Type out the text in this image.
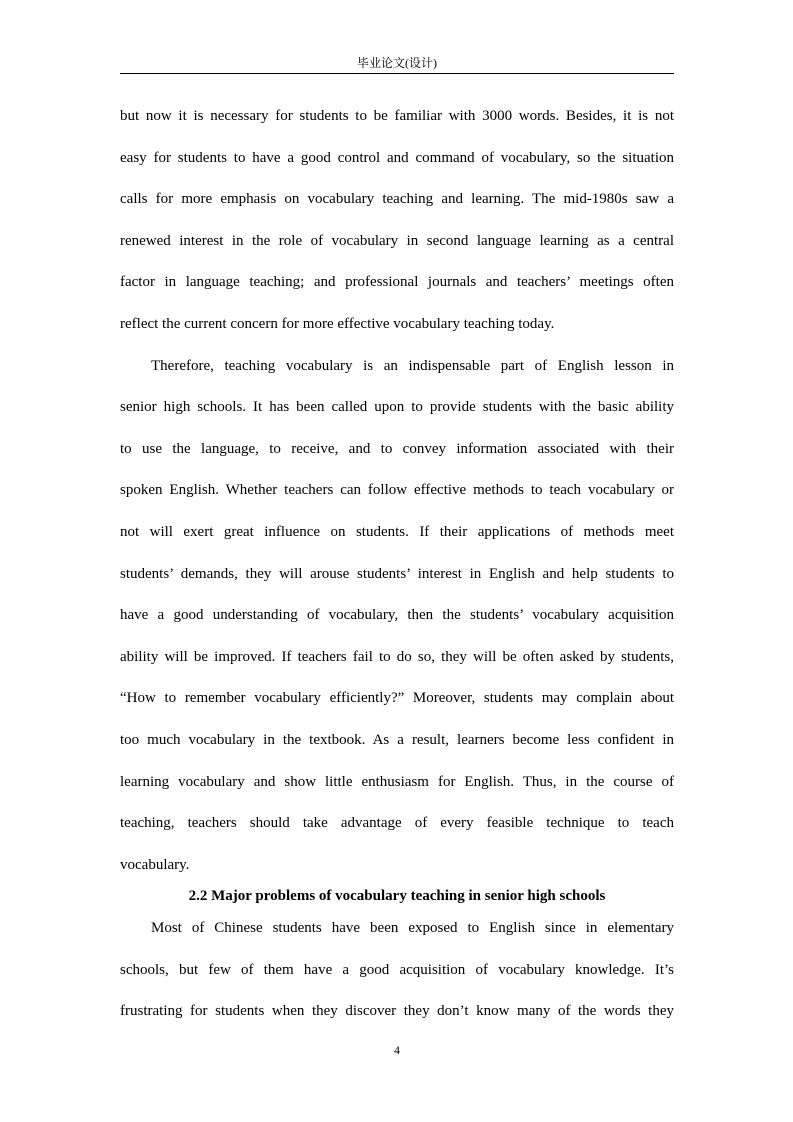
毕业论文(设计)
but now it is necessary for students to be familiar with 3000 words. Besides, it is not
easy for students to have a good control and command of vocabulary, so the situation
calls for more emphasis on vocabulary teaching and learning. The mid-1980s saw a
renewed interest in the role of vocabulary in second language learning as a central
factor in language teaching; and professional journals and teachers’ meetings often
reflect the current concern for more effective vocabulary teaching today.
Therefore, teaching vocabulary is an indispensable part of English lesson in
senior high schools. It has been called upon to provide students with the basic ability
to use the language, to receive, and to convey information associated with their
spoken English. Whether teachers can follow effective methods to teach vocabulary or
not will exert great influence on students. If their applications of methods meet
students’ demands, they will arouse students’ interest in English and help students to
have a good understanding of vocabulary, then the students’ vocabulary acquisition
ability will be improved. If teachers fail to do so, they will be often asked by students,
“How to remember vocabulary efficiently?” Moreover, students may complain about
too much vocabulary in the textbook. As a result, learners become less confident in
learning vocabulary and show little enthusiasm for English. Thus, in the course of
teaching, teachers should take advantage of every feasible technique to teach
vocabulary.
2.2 Major problems of vocabulary teaching in senior high schools
Most of Chinese students have been exposed to English since in elementary
schools, but few of them have a good acquisition of vocabulary knowledge. It’s
frustrating for students when they discover they don’t know many of the words they
4
